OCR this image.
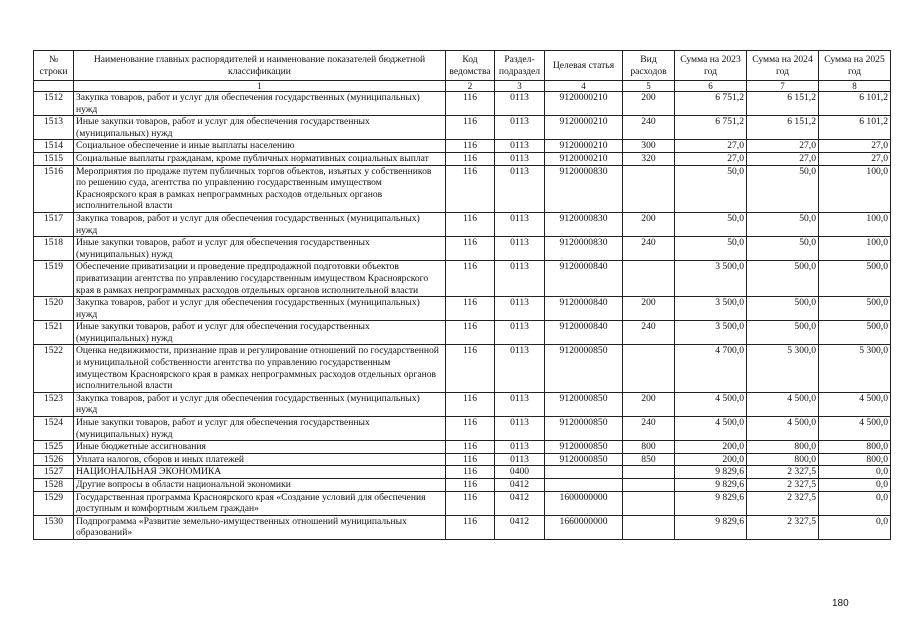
№ строки	Наименование главных распорядителей и наименование показателей бюджетной классификации	Код ведомства	Раздел-подраздел	Целевая статья	Вид расходов	Сумма на 2023 год	Сумма на 2024 год	Сумма на 2025 год
	1	2	3	4	5	6	7	8
1512	Закупка товаров, работ и услуг для обеспечения государственных (муниципальных) нужд	116	0113	9120000210	200	6 751,2	6 151,2	6 101,2
1513	Иные закупки товаров, работ и услуг для обеспечения государственных (муниципальных) нужд	116	0113	9120000210	240	6 751,2	6 151,2	6 101,2
1514	Социальное обеспечение и иные выплаты населению	116	0113	9120000210	300	27,0	27,0	27,0
1515	Социальные выплаты гражданам, кроме публичных нормативных социальных выплат	116	0113	9120000210	320	27,0	27,0	27,0
1516	Мероприятия по продаже путем публичных торгов объектов, изъятых у собственников по решению суда, агентства по управлению государственным имуществом Красноярского края в рамках непрограммных расходов отдельных органов исполнительной власти	116	0113	9120000830		50,0	50,0	100,0
1517	Закупка товаров, работ и услуг для обеспечения государственных (муниципальных) нужд	116	0113	9120000830	200	50,0	50,0	100,0
1518	Иные закупки товаров, работ и услуг для обеспечения государственных (муниципальных) нужд	116	0113	9120000830	240	50,0	50,0	100,0
1519	Обеспечение приватизации и проведение предпродажной подготовки объектов приватизации агентства по управлению государственным имуществом Красноярского края в рамках непрограммных расходов отдельных органов исполнительной власти	116	0113	9120000840		3 500,0	500,0	500,0
1520	Закупка товаров, работ и услуг для обеспечения государственных (муниципальных) нужд	116	0113	9120000840	200	3 500,0	500,0	500,0
1521	Иные закупки товаров, работ и услуг для обеспечения государственных (муниципальных) нужд	116	0113	9120000840	240	3 500,0	500,0	500,0
1522	Оценка недвижимости, признание прав и регулирование отношений по государственной и муниципальной собственности агентства по управлению государственным имуществом Красноярского края в рамках непрограммных расходов отдельных органов исполнительной власти	116	0113	9120000850		4 700,0	5 300,0	5 300,0
1523	Закупка товаров, работ и услуг для обеспечения государственных (муниципальных) нужд	116	0113	9120000850	200	4 500,0	4 500,0	4 500,0
1524	Иные закупки товаров, работ и услуг для обеспечения государственных (муниципальных) нужд	116	0113	9120000850	240	4 500,0	4 500,0	4 500,0
1525	Иные бюджетные ассигнования	116	0113	9120000850	800	200,0	800,0	800,0
1526	Уплата налогов, сборов и иных платежей	116	0113	9120000850	850	200,0	800,0	800,0
1527	НАЦИОНАЛЬНАЯ ЭКОНОМИКА	116	0400			9 829,6	2 327,5	0,0
1528	Другие вопросы в области национальной экономики	116	0412			9 829,6	2 327,5	0,0
1529	Государственная программа Красноярского края «Создание условий для обеспечения доступным и комфортным жильем граждан»	116	0412	1600000000		9 829,6	2 327,5	0,0
1530	Подпрограмма «Развитие земельно-имущественных отношений муниципальных образований»	116	0412	1660000000		9 829,6	2 327,5	0,0
180
